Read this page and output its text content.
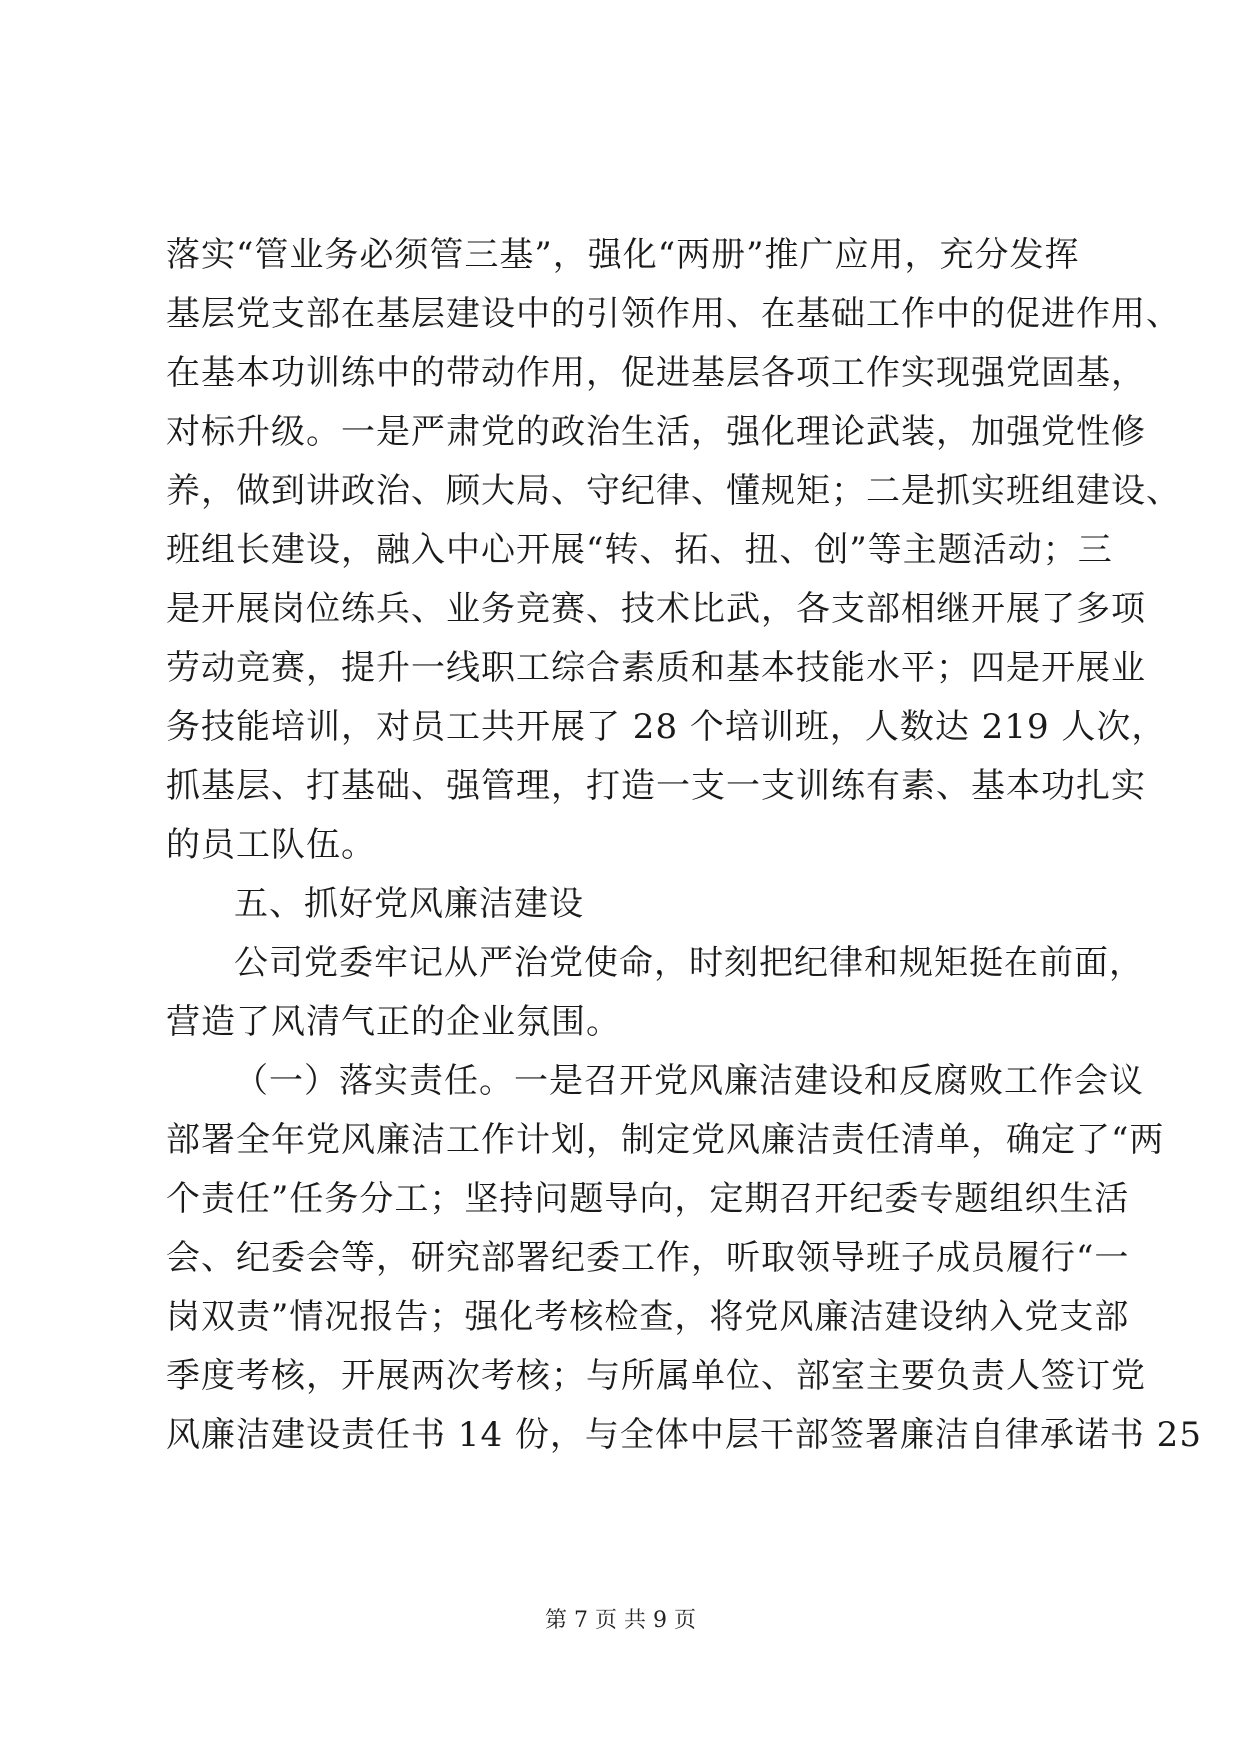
落实“管业务必须管三基”，强化“两册”推广应用，充分发挥
基层党支部在基层建设中的引领作用、在基础工作中的促进作用、
在基本功训练中的带动作用，促进基层各项工作实现强党固基，
对标升级。一是严肃党的政治生活，强化理论武装，加强党性修
养，做到讲政治、顾大局、守纪律、懂规矩；二是抓实班组建设、
班组长建设，融入中心开展“转、拓、扭、创”等主题活动；三
是开展岗位练兵、业务竞赛、技术比武，各支部相继开展了多项
劳动竞赛，提升一线职工综合素质和基本技能水平；四是开展业
务技能培训，对员工共开展了 28 个培训班，人数达 219 人次，
抓基层、打基础、强管理，打造一支一支训练有素、基本功扎实
的员工队伍。
五、抓好党风廉洁建设
公司党委牢记从严治党使命，时刻把纪律和规矩挺在前面，
营造了风清气正的企业氛围。
（一）落实责任。一是召开党风廉洁建设和反腐败工作会议
部署全年党风廉洁工作计划，制定党风廉洁责任清单，确定了“两
个责任”任务分工；坚持问题导向，定期召开纪委专题组织生活
会、纪委会等，研究部署纪委工作，听取领导班子成员履行“一
岗双责”情况报告；强化考核检查，将党风廉洁建设纳入党支部
季度考核，开展两次考核；与所属单位、部室主要负责人签订党
风廉洁建设责任书 14 份，与全体中层干部签署廉洁自律承诺书 25
第 7 页 共 9 页
